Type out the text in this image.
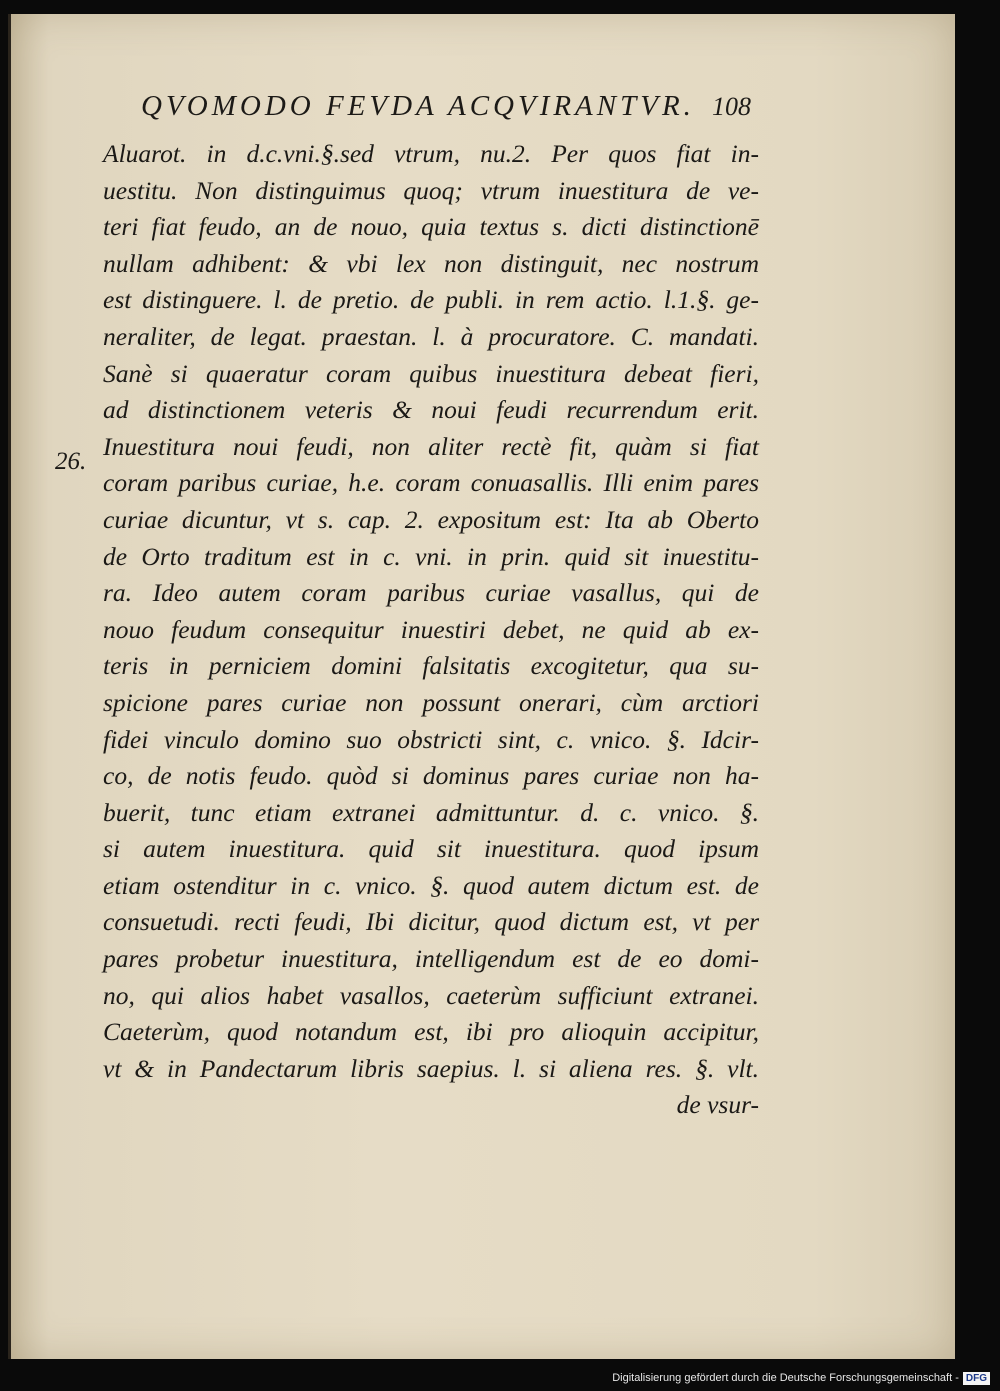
QVOMODO FEVDA ACQVIRANTVR. 108
26.
Aluarot. in d.c.vni.§.sed vtrum, nu.2. Per quos fiat in-
uestitu. Non distinguimus quoq; vtrum inuestitura de ve-
teri fiat feudo, an de nouo, quia textus s. dicti distinctionē
nullam adhibent: & vbi lex non distinguit, nec nostrum
est distinguere. l. de pretio. de publi. in rem actio. l.1.§. ge-
neraliter, de legat. praestan. l. à procuratore. C. mandati.
Sanè si quaeratur coram quibus inuestitura debeat fieri,
ad distinctionem veteris & noui feudi recurrendum erit.
Inuestitura noui feudi, non aliter rectè fit, quàm si fiat
coram paribus curiae, h.e. coram conuasallis. Illi enim pares
curiae dicuntur, vt s. cap. 2. expositum est: Ita ab Oberto
de Orto traditum est in c. vni. in prin. quid sit inuestitu-
ra. Ideo autem coram paribus curiae vasallus, qui de
nouo feudum consequitur inuestiri debet, ne quid ab ex-
teris in perniciem domini falsitatis excogitetur, qua su-
spicione pares curiae non possunt onerari, cùm arctiori
fidei vinculo domino suo obstricti sint, c. vnico. §. Idcir-
co, de notis feudo. quòd si dominus pares curiae non ha-
buerit, tunc etiam extranei admittuntur. d. c. vnico. §.
si autem inuestitura. quid sit inuestitura. quod ipsum
etiam ostenditur in c. vnico. §. quod autem dictum est. de
consuetudi. recti feudi, Ibi dicitur, quod dictum est, vt per
pares probetur inuestitura, intelligendum est de eo domi-
no, qui alios habet vasallos, caeterùm sufficiunt extranei.
Caeterùm, quod notandum est, ibi pro alioquin accipitur,
vt & in Pandectarum libris saepius. l. si aliena res. §. vlt.
de vsur-
Digitalisierung gefördert durch die Deutsche Forschungsgemeinschaft - DFG
